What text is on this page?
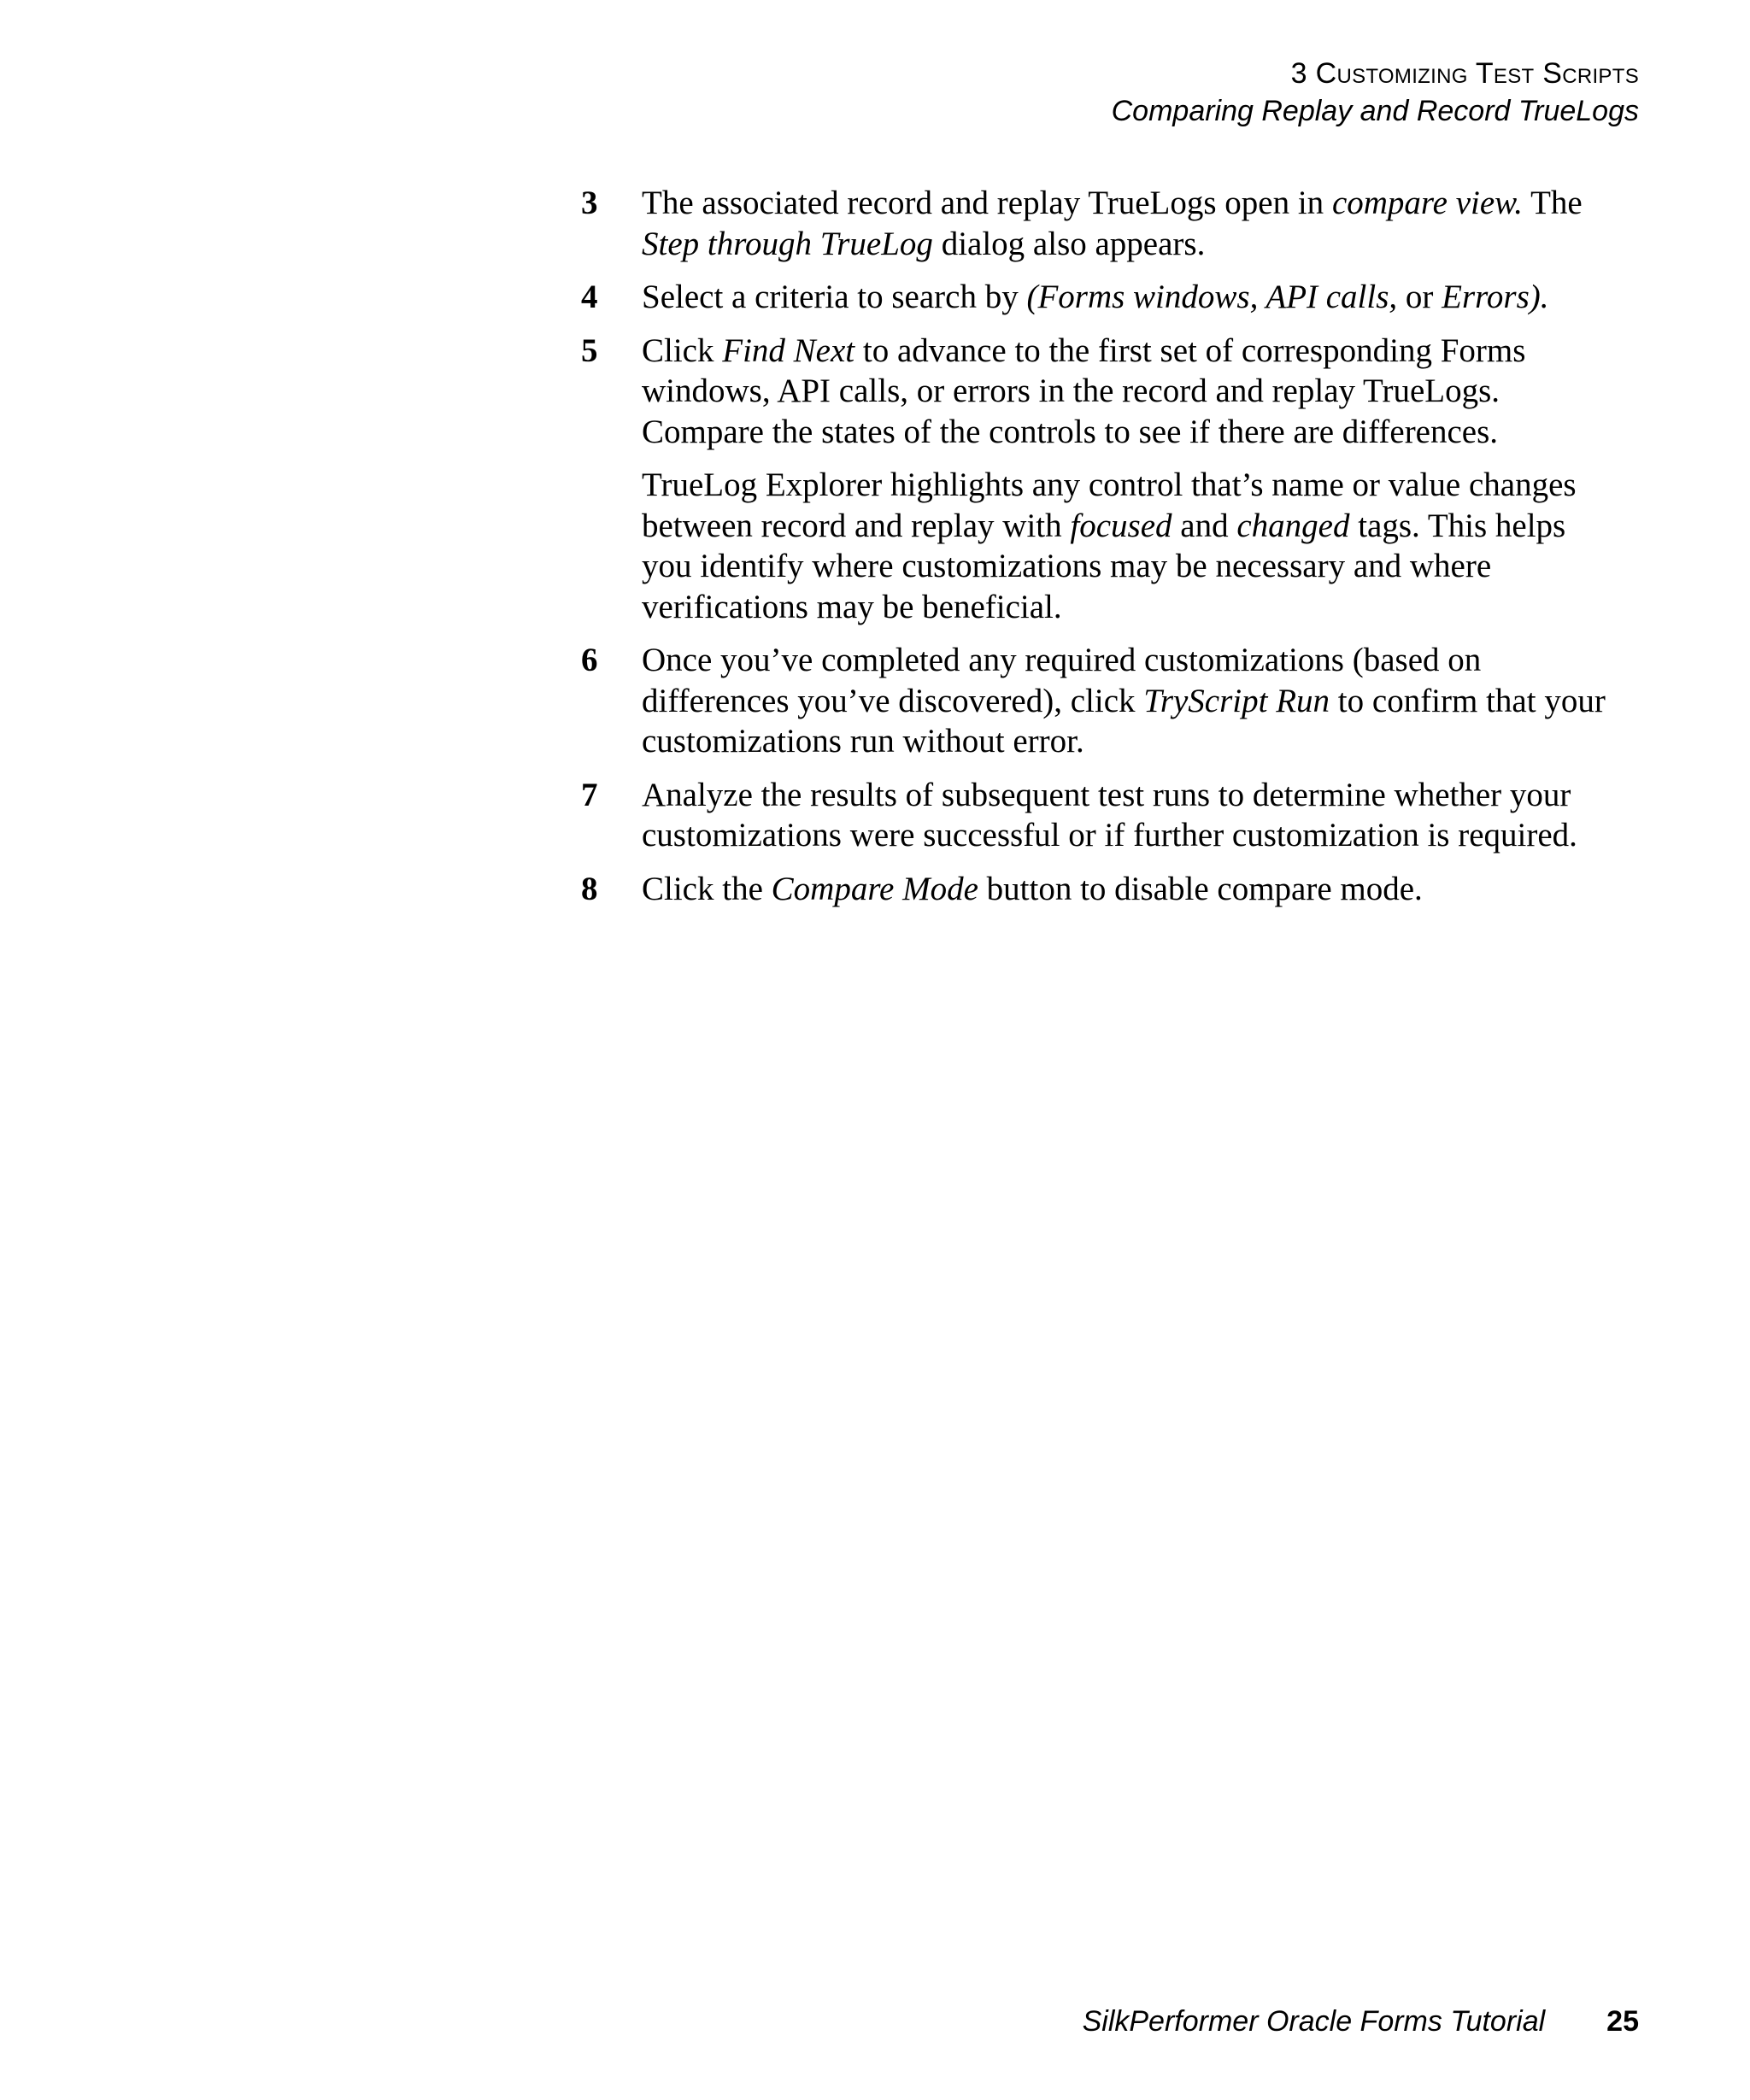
3 Customizing Test Scripts
Comparing Replay and Record TrueLogs
3 The associated record and replay TrueLogs open in compare view. The
Step through TrueLog dialog also appears.
4 Select a criteria to search by (Forms windows, API calls, or Errors).
5 Click Find Next to advance to the first set of corresponding Forms
windows, API calls, or errors in the record and replay TrueLogs.
Compare the states of the controls to see if there are differences.
TrueLog Explorer highlights any control that’s name or value changes
between record and replay with focused and changed tags. This helps
you identify where customizations may be necessary and where
verifications may be beneficial.
6 Once you’ve completed any required customizations (based on
differences you’ve discovered), click TryScript Run to confirm that your
customizations run without error.
7 Analyze the results of subsequent test runs to determine whether your
customizations were successful or if further customization is required.
8 Click the Compare Mode button to disable compare mode.
SilkPerformer Oracle Forms Tutorial 25
